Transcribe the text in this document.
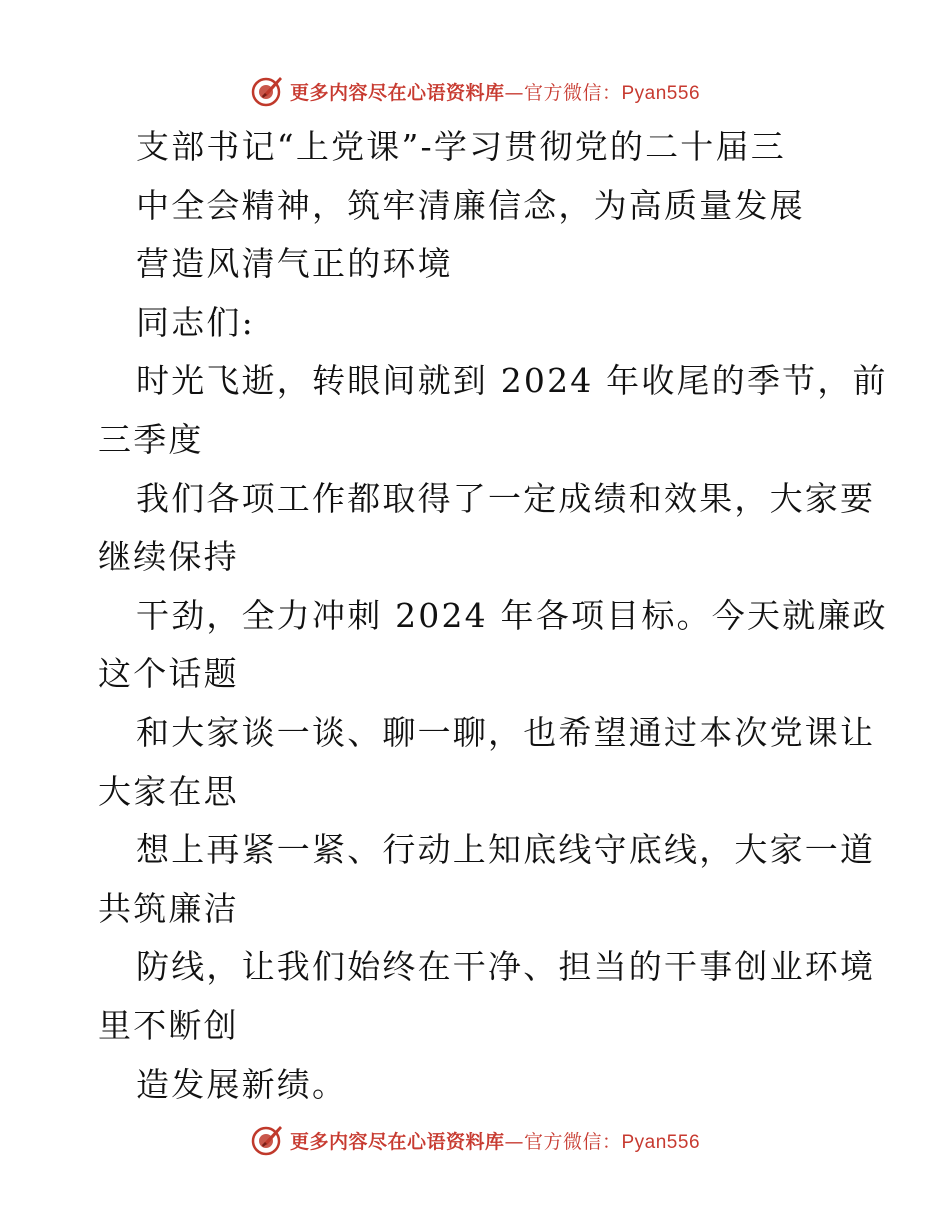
更多内容尽在心语资料库—官方微信：Pyan556
支部书记“上党课”-学习贯彻党的二十届三
中全会精神，筑牢清廉信念，为高质量发展
营造风清气正的环境
同志们:
时光飞逝，转眼间就到 2024 年收尾的季节，前
三季度
我们各项工作都取得了一定成绩和效果，大家要
继续保持
干劲，全力冲刺 2024 年各项目标。今天就廉政
这个话题
和大家谈一谈、聊一聊，也希望通过本次党课让
大家在思
想上再紧一紧、行动上知底线守底线，大家一道
共筑廉洁
防线，让我们始终在干净、担当的干事创业环境
里不断创
造发展新绩。
更多内容尽在心语资料库—官方微信：Pyan556
